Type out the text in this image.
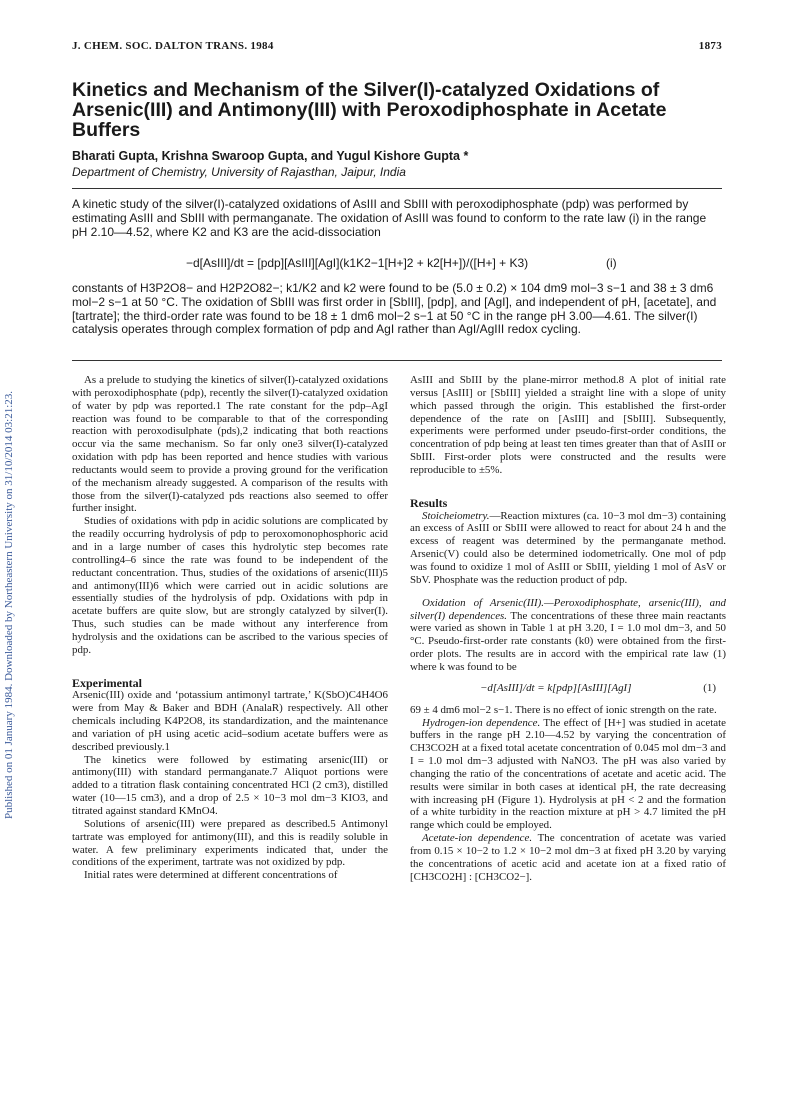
J. CHEM. SOC. DALTON TRANS. 1984	1873
Published on 01 January 1984. Downloaded by Northeastern University on 31/10/2014 03:21:23.
Kinetics and Mechanism of the Silver(I)-catalyzed Oxidations of Arsenic(III) and Antimony(III) with Peroxodiphosphate in Acetate Buffers
Bharati Gupta, Krishna Swaroop Gupta, and Yugul Kishore Gupta *
Department of Chemistry, University of Rajasthan, Jaipur, India
A kinetic study of the silver(I)-catalyzed oxidations of AsIII and SbIII with peroxodiphosphate (pdp) was performed by estimating AsIII and SbIII with permanganate. The oxidation of AsIII was found to conform to the rate law (i) in the range pH 2.10—4.52, where K2 and K3 are the acid-dissociation
−d[AsIII]/dt = [pdp][AsIII][AgI](k1K2−1[H+]2 + k2[H+])/([H+] + K3)	(i)
constants of H3P2O8− and H2P2O82−; k1/K2 and k2 were found to be (5.0 ± 0.2) × 104 dm9 mol−3 s−1 and 38 ± 3 dm6 mol−2 s−1 at 50 °C. The oxidation of SbIII was first order in [SbIII], [pdp], and [AgI], and independent of pH, [acetate], and [tartrate]; the third-order rate was found to be 18 ± 1 dm6 mol−2 s−1 at 50 °C in the range pH 3.00—4.61. The silver(I) catalysis operates through complex formation of pdp and AgI rather than AgI/AgIII redox cycling.

As a prelude to studying the kinetics of silver(I)-catalyzed oxidations with peroxodiphosphate (pdp), recently the silver(I)-catalyzed oxidation of water by pdp was reported.1 The rate constant for the pdp–AgI reaction was found to be comparable to that of the corresponding reaction with peroxodisulphate (pds),2 indicating that both reactions occur via the same mechanism. So far only one3 silver(I)-catalyzed oxidation with pdp has been reported and hence studies with various reductants would seem to provide a proving ground for the verification of the mechanism already suggested. A comparison of the results with those from the silver(I)-catalyzed pds reactions also seemed to offer further insight.

Studies of oxidations with pdp in acidic solutions are complicated by the readily occurring hydrolysis of pdp to peroxomonophosphoric acid and in a large number of cases this hydrolytic step becomes rate controlling4–6 since the rate was found to be independent of the reductant concentration. Thus, studies of the oxidations of arsenic(III)5 and antimony(III)6 which were carried out in acidic solutions are essentially studies of the hydrolysis of pdp. Oxidations with pdp in acetate buffers are quite slow, but are strongly catalyzed by silver(I). Thus, such studies can be made without any interference from hydrolysis and the oxidations can be ascribed to the various species of pdp.

Experimental

Arsenic(III) oxide and ‘potassium antimonyl tartrate,’ K(SbO)C4H4O6 were from May & Baker and BDH (AnalaR) respectively. All other chemicals including K4P2O8, its standardization, and the maintenance and variation of pH using acetic acid–sodium acetate buffers were as described previously.1

The kinetics were followed by estimating arsenic(III) or antimony(III) with standard permanganate.7 Aliquot portions were added to a titration flask containing concentrated HCl (2 cm3), distilled water (10—15 cm3), and a drop of 2.5 × 10−3 mol dm−3 KIO3, and titrated against standard KMnO4.

Solutions of arsenic(III) were prepared as described.5 Antimonyl tartrate was employed for antimony(III), and this is readily soluble in water. A few preliminary experiments indicated that, under the conditions of the experiment, tartrate was not oxidized by pdp.

Initial rates were determined at different concentrations of

AsIII and SbIII by the plane-mirror method.8 A plot of initial rate versus [AsIII] or [SbIII] yielded a straight line with a slope of unity which passed through the origin. This established the first-order dependence of the rate on [AsIII] and [SbIII]. Subsequently, experiments were performed under pseudo-first-order conditions, the concentration of pdp being at least ten times greater than that of AsIII or SbIII. First-order plots were constructed and the results were reproducible to ±5%.

Results

Stoicheiometry.—Reaction mixtures (ca. 10−3 mol dm−3) containing an excess of AsIII or SbIII were allowed to react for about 24 h and the excess of reagent was determined by the permanganate method. Arsenic(V) could also be determined iodometrically. One mol of pdp was found to oxidize 1 mol of AsIII or SbIII, yielding 1 mol of AsV or SbV. Phosphate was the reduction product of pdp.

Oxidation of Arsenic(III).—Peroxodiphosphate, arsenic(III), and silver(I) dependences. The concentrations of these three main reactants were varied as shown in Table 1 at pH 3.20, I = 1.0 mol dm−3, and 50 °C. Pseudo-first-order rate constants (k0) were obtained from the first-order plots. The results are in accord with the empirical rate law (1) where k was found to be

−d[AsIII]/dt = k[pdp][AsIII][AgI]	(1)

69 ± 4 dm6 mol−2 s−1. There is no effect of ionic strength on the rate.

Hydrogen-ion dependence. The effect of [H+] was studied in acetate buffers in the range pH 2.10—4.52 by varying the concentration of CH3CO2H at a fixed total acetate concentration of 0.045 mol dm−3 and I = 1.0 mol dm−3 adjusted with NaNO3. The pH was also varied by changing the ratio of the concentrations of acetate and acetic acid. The results were similar in both cases at identical pH, the rate decreasing with increasing pH (Figure 1). Hydrolysis at pH < 2 and the formation of a white turbidity in the reaction mixture at pH > 4.7 limited the pH range which could be employed.

Acetate-ion dependence. The concentration of acetate was varied from 0.15 × 10−2 to 1.2 × 10−2 mol dm−3 at fixed pH 3.20 by varying the concentrations of acetic acid and acetate ion at a fixed ratio of [CH3CO2H] : [CH3CO2−].
